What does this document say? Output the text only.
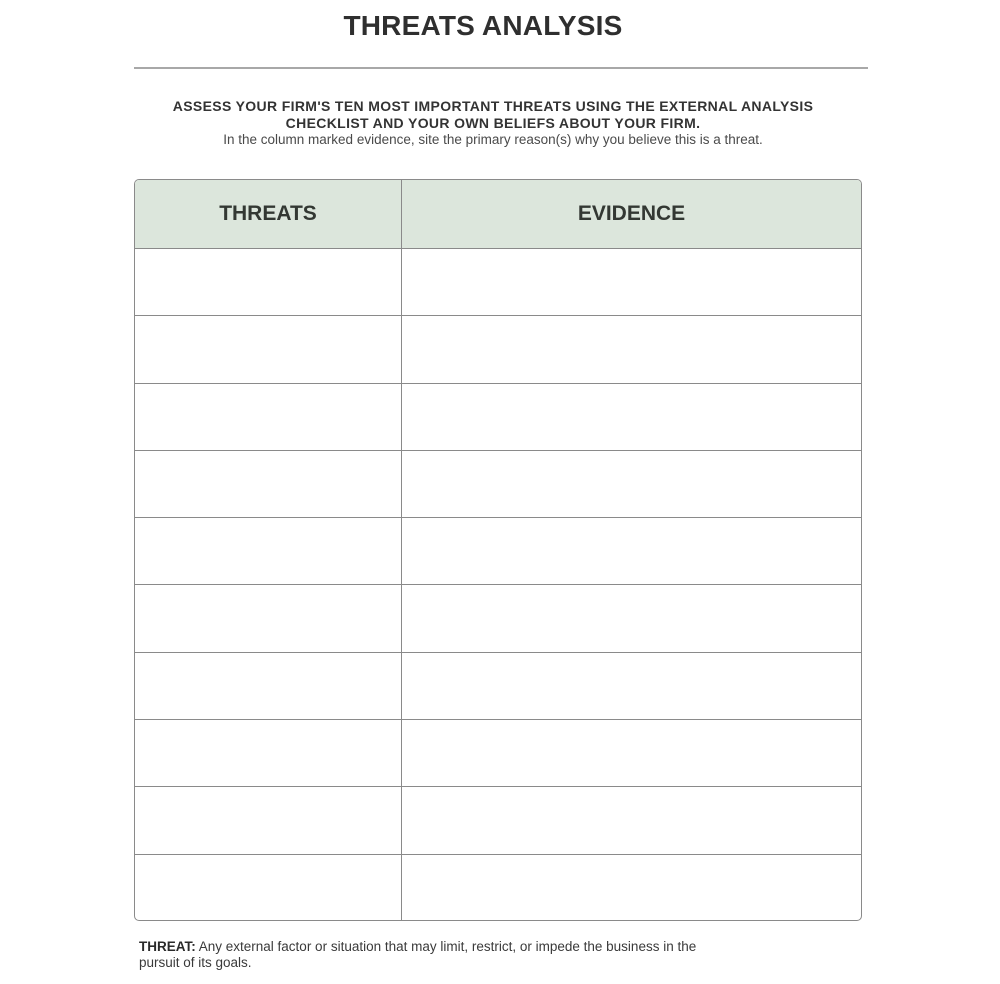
THREATS ANALYSIS
ASSESS YOUR FIRM'S TEN MOST IMPORTANT THREATS USING THE EXTERNAL ANALYSIS
CHECKLIST AND YOUR OWN BELIEFS ABOUT YOUR FIRM.
In the column marked evidence, site the primary reason(s) why you believe this is a threat.
THREATS	EVIDENCE
THREAT: Any external factor or situation that may limit, restrict, or impede the business in the pursuit of its goals.
